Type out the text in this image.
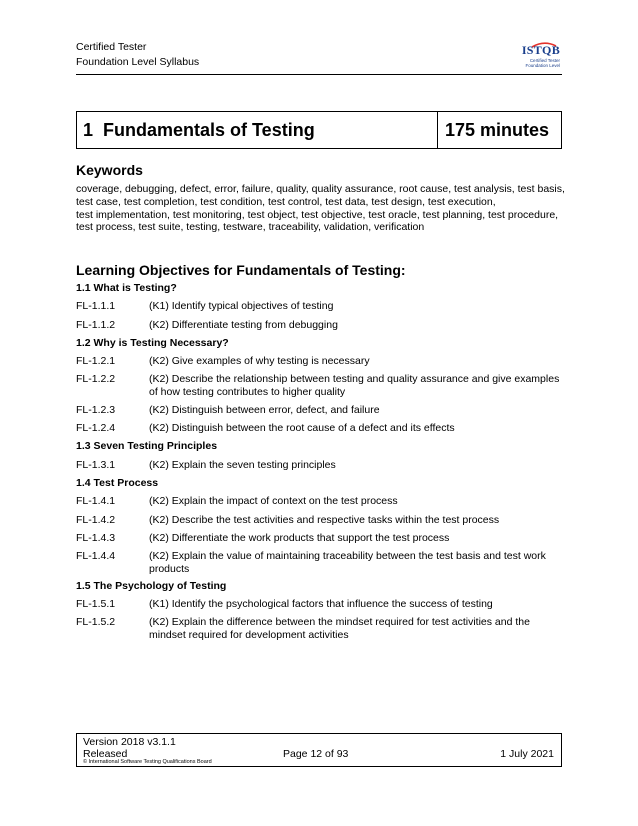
Certified Tester
Foundation Level Syllabus
ISTQB
Certified Tester
Foundation Level
1 Fundamentals of Testing	175 minutes
Keywords
coverage, debugging, defect, error, failure, quality, quality assurance, root cause, test analysis, test basis,
test case, test completion, test condition, test control, test data, test design, test execution,
test implementation, test monitoring, test object, test objective, test oracle, test planning, test procedure,
test process, test suite, testing, testware, traceability, validation, verification
Learning Objectives for Fundamentals of Testing:
1.1 What is Testing?
FL-1.1.1	(K1) Identify typical objectives of testing
FL-1.1.2	(K2) Differentiate testing from debugging
1.2 Why is Testing Necessary?
FL-1.2.1	(K2) Give examples of why testing is necessary
FL-1.2.2	(K2) Describe the relationship between testing and quality assurance and give examples of how testing contributes to higher quality
FL-1.2.3	(K2) Distinguish between error, defect, and failure
FL-1.2.4	(K2) Distinguish between the root cause of a defect and its effects
1.3 Seven Testing Principles
FL-1.3.1	(K2) Explain the seven testing principles
1.4 Test Process
FL-1.4.1	(K2) Explain the impact of context on the test process
FL-1.4.2	(K2) Describe the test activities and respective tasks within the test process
FL-1.4.3	(K2) Differentiate the work products that support the test process
FL-1.4.4	(K2) Explain the value of maintaining traceability between the test basis and test work products
1.5 The Psychology of Testing
FL-1.5.1	(K1) Identify the psychological factors that influence the success of testing
FL-1.5.2	(K2) Explain the difference between the mindset required for test activities and the mindset required for development activities
Version 2018 v3.1.1
Released
© International Software Testing Qualifications Board
Page 12 of 93	1 July 2021
